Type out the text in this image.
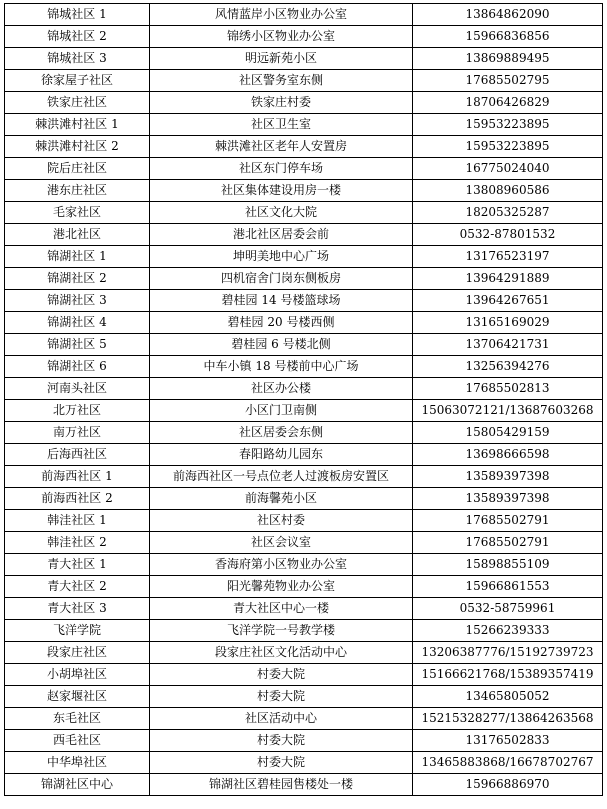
锦城社区 1	风情蓝岸小区物业办公室	13864862090
锦城社区 2	锦绣小区物业办公室	15966836856
锦城社区 3	明远新苑小区	13869889495
徐家屋子社区	社区警务室东侧	17685502795
铁家庄社区	铁家庄村委	18706426829
棘洪滩村社区 1	社区卫生室	15953223895
棘洪滩村社区 2	棘洪滩社区老年人安置房	15953223895
院后庄社区	社区东门停车场	16775024040
港东庄社区	社区集体建设用房一楼	13808960586
毛家社区	社区文化大院	18205325287
港北社区	港北社区居委会前	0532-87801532
锦湖社区 1	坤明美地中心广场	13176523197
锦湖社区 2	四机宿舍门岗东侧板房	13964291889
锦湖社区 3	碧桂园 14 号楼篮球场	13964267651
锦湖社区 4	碧桂园 20 号楼西侧	13165169029
锦湖社区 5	碧桂园 6 号楼北侧	13706421731
锦湖社区 6	中车小镇 18 号楼前中心广场	13256394276
河南头社区	社区办公楼	17685502813
北万社区	小区门卫南侧	15063072121/13687603268
南万社区	社区居委会东侧	15805429159
后海西社区	春阳路幼儿园东	13698666598
前海西社区 1	前海西社区一号点位老人过渡板房安置区	13589397398
前海西社区 2	前海馨苑小区	13589397398
韩洼社区 1	社区村委	17685502791
韩洼社区 2	社区会议室	17685502791
青大社区 1	香海府第小区物业办公室	15898855109
青大社区 2	阳光馨苑物业办公室	15966861553
青大社区 3	青大社区中心一楼	0532-58759961
飞洋学院	飞洋学院一号教学楼	15266239333
段家庄社区	段家庄社区文化活动中心	13206387776/15192739723
小胡埠社区	村委大院	15166621768/15389357419
赵家堰社区	村委大院	13465805052
东毛社区	社区活动中心	15215328277/13864263568
西毛社区	村委大院	13176502833
中华埠社区	村委大院	13465883868/16678702767
锦湖社区中心	锦湖社区碧桂园售楼处一楼	15966886970
